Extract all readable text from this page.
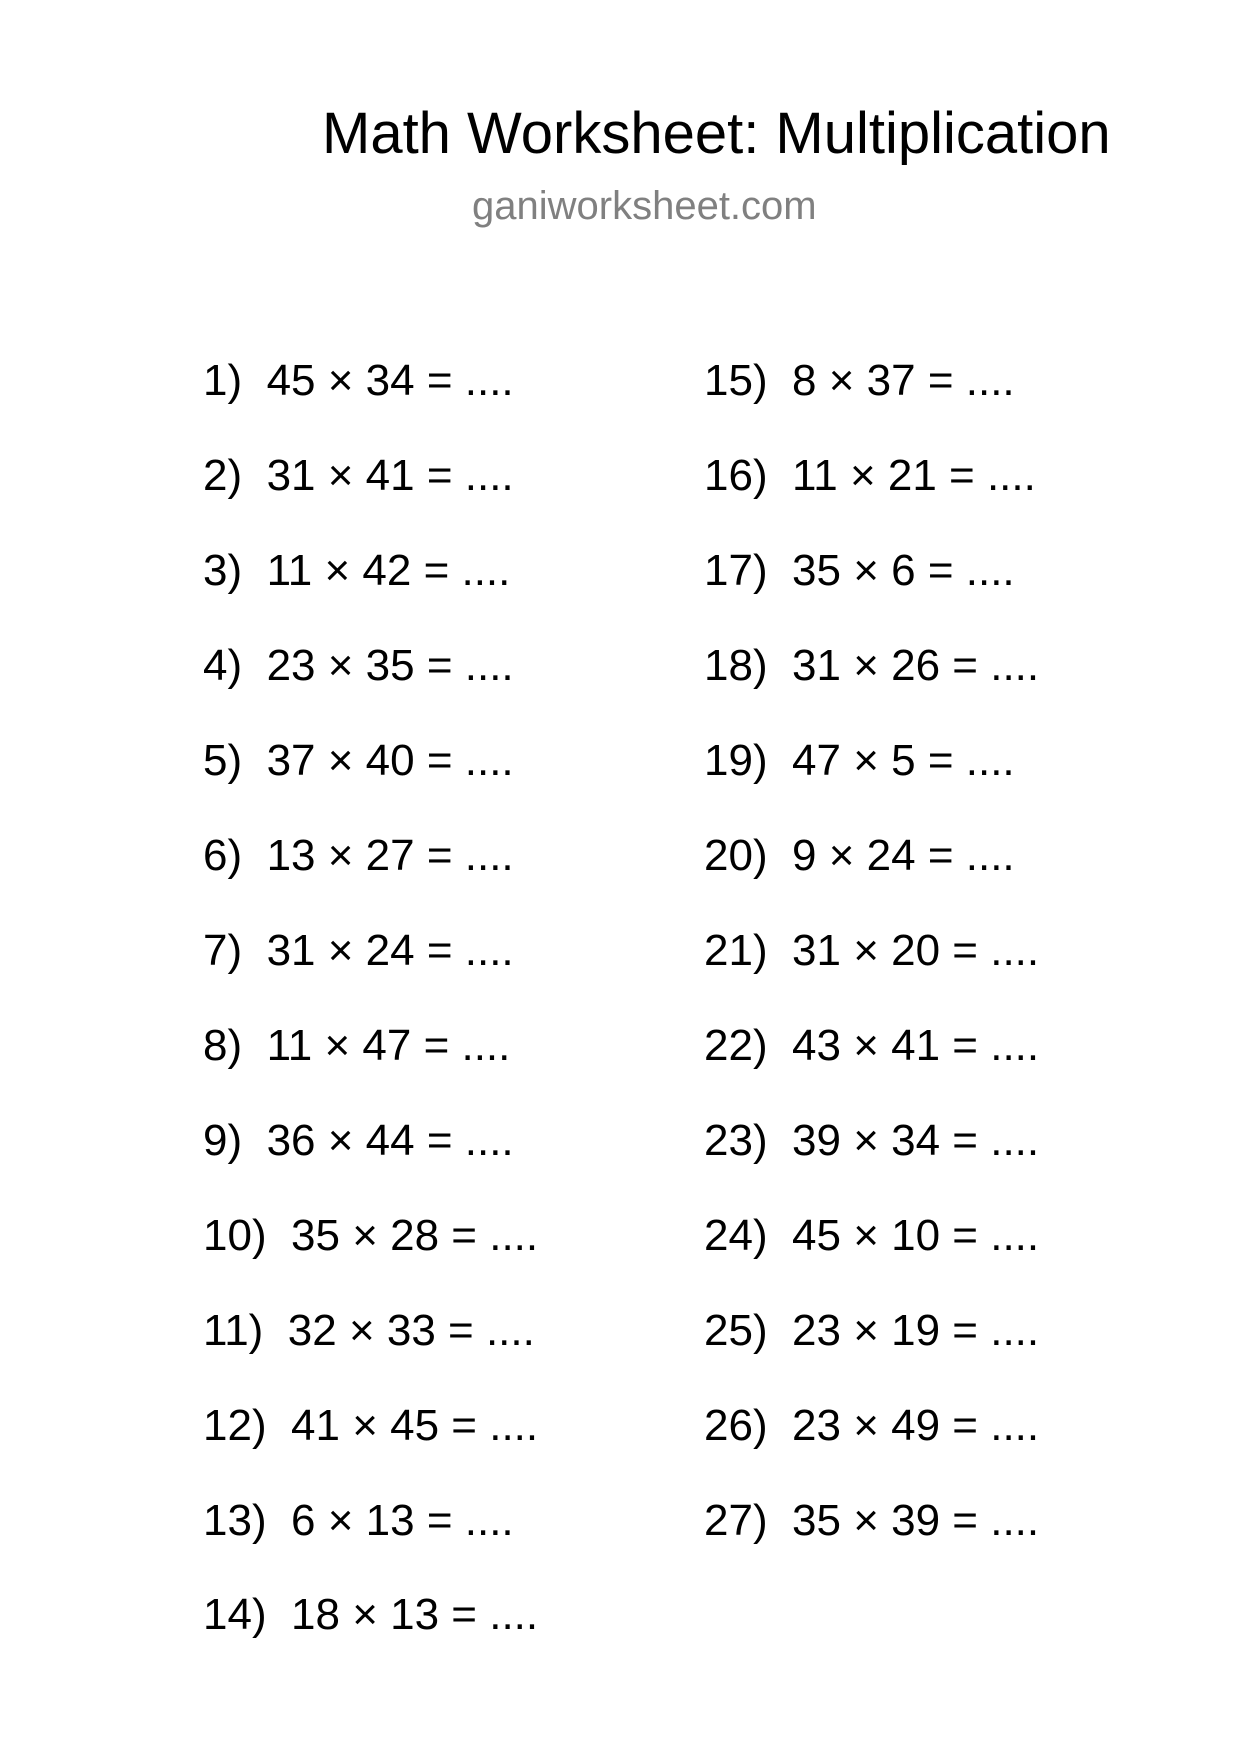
Math Worksheet: Multiplication
ganiworksheet.com
1) 45 × 34 = ....
2) 31 × 41 = ....
3) 11 × 42 = ....
4) 23 × 35 = ....
5) 37 × 40 = ....
6) 13 × 27 = ....
7) 31 × 24 = ....
8) 11 × 47 = ....
9) 36 × 44 = ....
10) 35 × 28 = ....
11) 32 × 33 = ....
12) 41 × 45 = ....
13) 6 × 13 = ....
14) 18 × 13 = ....
15) 8 × 37 = ....
16) 11 × 21 = ....
17) 35 × 6 = ....
18) 31 × 26 = ....
19) 47 × 5 = ....
20) 9 × 24 = ....
21) 31 × 20 = ....
22) 43 × 41 = ....
23) 39 × 34 = ....
24) 45 × 10 = ....
25) 23 × 19 = ....
26) 23 × 49 = ....
27) 35 × 39 = ....
